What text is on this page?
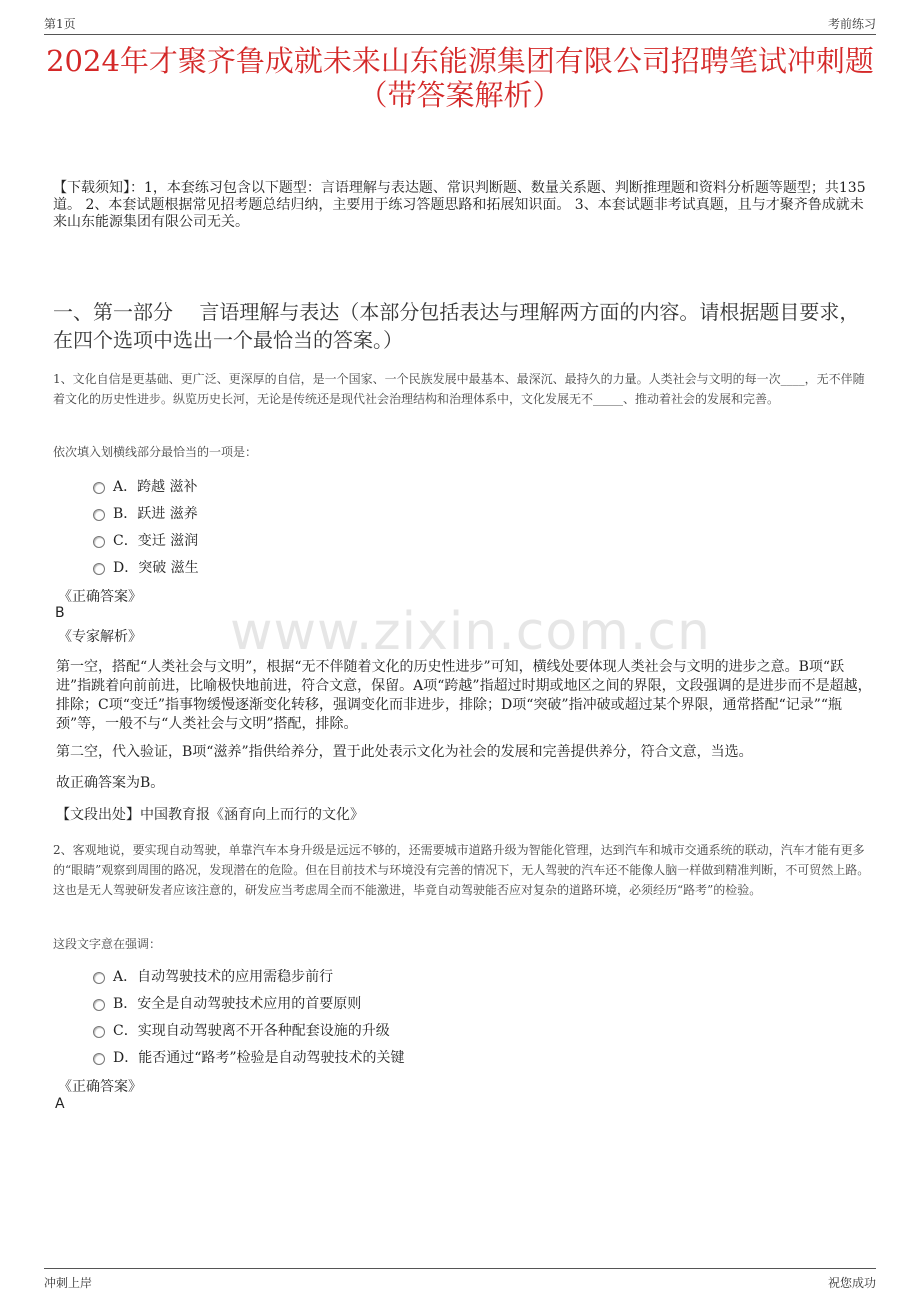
第1页	考前练习
2024年才聚齐鲁成就未来山东能源集团有限公司招聘笔试冲刺题（带答案解析）
【下载须知】：1，本套练习包含以下题型：言语理解与表达题、常识判断题、数量关系题、判断推理题和资料分析题等题型；共135道。 2、本套试题根据常见招考题总结归纳，主要用于练习答题思路和拓展知识面。 3、本套试题非考试真题，且与才聚齐鲁成就未来山东能源集团有限公司无关。
一、第一部分　 言语理解与表达（本部分包括表达与理解两方面的内容。请根据题目要求，在四个选项中选出一个最恰当的答案。）
www.zixin.com.cn
1、文化自信是更基础、更广泛、更深厚的自信，是一个国家、一个民族发展中最基本、最深沉、最持久的力量。人类社会与文明的每一次____，无不伴随着文化的历史性进步。纵览历史长河，无论是传统还是现代社会治理结构和治理体系中，文化发展无不_____、推动着社会的发展和完善。
依次填入划横线部分最恰当的一项是：
A．跨越 滋补
B．跃进 滋养
C．变迁 滋润
D．突破 滋生
《正确答案》
B
《专家解析》
第一空，搭配“人类社会与文明”，根据“无不伴随着文化的历史性进步”可知，横线处要体现人类社会与文明的进步之意。B项“跃进”指跳着向前前进，比喻极快地前进，符合文意，保留。A项“跨越”指超过时期或地区之间的界限，文段强调的是进步而不是超越，排除；C项“变迁”指事物缓慢逐渐变化转移，强调变化而非进步，排除；D项“突破”指冲破或超过某个界限，通常搭配“记录”“瓶颈”等，一般不与“人类社会与文明”搭配，排除。
第二空，代入验证，B项“滋养”指供给养分，置于此处表示文化为社会的发展和完善提供养分，符合文意，当选。
故正确答案为B。
【文段出处】中国教育报《涵育向上而行的文化》
2、客观地说，要实现自动驾驶，单靠汽车本身升级是远远不够的，还需要城市道路升级为智能化管理，达到汽车和城市交通系统的联动，汽车才能有更多的“眼睛”观察到周围的路况，发现潜在的危险。但在目前技术与环境没有完善的情况下，无人驾驶的汽车还不能像人脑一样做到精准判断，不可贸然上路。这也是无人驾驶研发者应该注意的，研发应当考虑周全而不能激进，毕竟自动驾驶能否应对复杂的道路环境，必须经历“路考”的检验。
这段文字意在强调：
A．自动驾驶技术的应用需稳步前行
B．安全是自动驾驶技术应用的首要原则
C．实现自动驾驶离不开各种配套设施的升级
D．能否通过“路考”检验是自动驾驶技术的关键
《正确答案》
A
冲刺上岸	祝您成功
